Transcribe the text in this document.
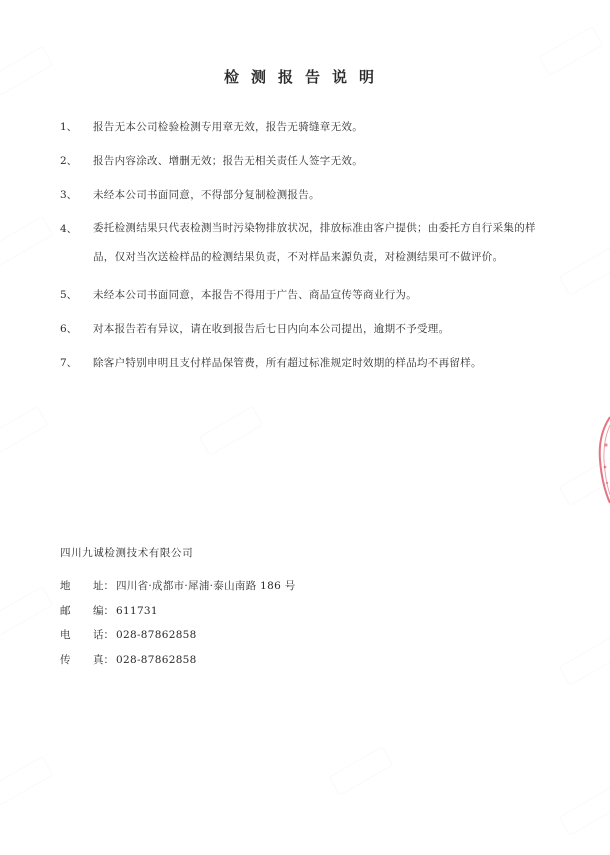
检测报告说明
1、	报告无本公司检验检测专用章无效，报告无骑缝章无效。
2、	报告内容涂改、增删无效；报告无相关责任人签字无效。
3、	未经本公司书面同意，不得部分复制检测报告。
4、	委托检测结果只代表检测当时污染物排放状况，排放标准由客户提供；由委托方自行采集的样品，仅对当次送检样品的检测结果负责，不对样品来源负责，对检测结果可不做评价。
5、	未经本公司书面同意，本报告不得用于广告、商品宣传等商业行为。
6、	对本报告若有异议，请在收到报告后七日内向本公司提出，逾期不予受理。
7、	除客户特别申明且支付样品保管费，所有超过标准规定时效期的样品均不再留样。
四川九诚检测技术有限公司
地	址： 四川省·成都市·犀浦·泰山南路 186 号
邮	编： 611731
电	话： 028-87862858
传	真： 028-87862858
